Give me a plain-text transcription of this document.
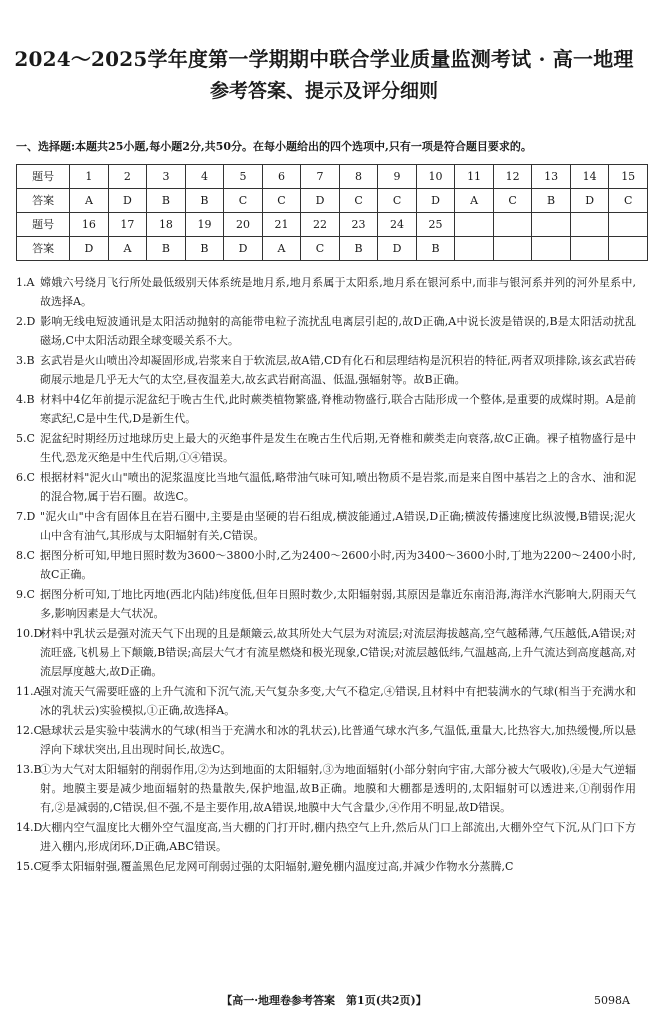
2024～2025学年度第一学期期中联合学业质量监测考试 · 高一地理
参考答案、提示及评分细则
一、选择题:本题共25小题,每小题2分,共50分。在每小题给出的四个选项中,只有一项是符合题目要求的。
题号	1	2	3	4	5	6	7	8	9	10	11	12	13	14	15
答案	A	D	B	B	C	C	D	C	C	D	A	C	B	D	C
题号	16	17	18	19	20	21	22	23	24	25					
答案	D	A	B	B	D	A	C	B	D	B					

1.A 嫦娥六号绕月飞行所处最低级别天体系统是地月系,地月系属于太阳系,地月系在银河系中,而非与银河系并列的河外星系中,故选择A。

2.D 影响无线电短波通讯是太阳活动抛射的高能带电粒子流扰乱电离层引起的,故D正确,A中说长波是错误的,B是太阳活动扰乱磁场,C中太阳活动跟全球变暖关系不大。

3.B 玄武岩是火山喷出冷却凝固形成,岩浆来自于软流层,故A错,CD有化石和层理结构是沉积岩的特征,两者双项排除,该玄武岩砖砌展示地是几乎无大气的太空,昼夜温差大,故玄武岩耐高温、低温,强辐射等。故B正确。

4.B 材料中4亿年前提示泥盆纪于晚古生代,此时蕨类植物繁盛,脊椎动物盛行,联合古陆形成一个整体,是重要的成煤时期。A是前寒武纪,C是中生代,D是新生代。

5.C 泥盆纪时期经历过地球历史上最大的灭绝事件是发生在晚古生代后期,无脊椎和蕨类走向衰落,故C正确。裸子植物盛行是中生代,恐龙灭绝是中生代后期,①④错误。

6.C 根据材料"泥火山"喷出的泥浆温度比当地气温低,略带油气味可知,喷出物质不是岩浆,而是来自图中基岩之上的含水、油和泥的混合物,属于岩石圈。故选C。

7.D "泥火山"中含有固体且在岩石圈中,主要是由坚硬的岩石组成,横波能通过,A错误,D正确;横波传播速度比纵波慢,B错误;泥火山中含有油气,其形成与太阳辐射有关,C错误。

8.C 据图分析可知,甲地日照时数为3600～3800小时,乙为2400～2600小时,丙为3400～3600小时,丁地为2200～2400小时,故C正确。

9.C 据图分析可知,丁地比丙地(西北内陆)纬度低,但年日照时数少,太阳辐射弱,其原因是靠近东南沿海,海洋水汽影响大,阴雨天气多,影响因素是大气状况。

10.D材料中乳状云是强对流天气下出现的且是颠簸云,故其所处大气层为对流层;对流层海拔越高,空气越稀薄,气压越低,A错误;对流旺盛,飞机易上下颠簸,B错误;高层大气才有流星燃烧和极光现象,C错误;对流层越低纬,气温越高,上升气流达到高度越高,对流层厚度越大,故D正确。

11.A强对流天气需要旺盛的上升气流和下沉气流,天气复杂多变,大气不稳定,④错误,且材料中有把装满水的气球(相当于充满水和冰的乳状云)实验模拟,①正确,故选择A。

12.C悬球状云是实验中装满水的气球(相当于充满水和冰的乳状云),比普通气球水汽多,气温低,重量大,比热容大,加热缓慢,所以悬浮向下球状突出,且出现时间长,故选C。

13.B①为大气对太阳辐射的削弱作用,②为达到地面的太阳辐射,③为地面辐射(小部分射向宇宙,大部分被大气吸收),④是大气逆辐射。地膜主要是减少地面辐射的热量散失,保护地温,故B正确。地膜和大棚都是透明的,太阳辐射可以透进来,①削弱作用有,②是减弱的,C错误,但不强,不是主要作用,故A错误,地膜中大气含量少,④作用不明显,故D错误。

14.D大棚内空气温度比大棚外空气温度高,当大棚的门打开时,棚内热空气上升,然后从门口上部流出,大棚外空气下沉,从门口下方进入棚内,形成闭环,D正确,ABC错误。

15.C夏季太阳辐射强,覆盖黑色尼龙网可削弱过强的太阳辐射,避免棚内温度过高,并减少作物水分蒸腾,C

【高一·地理卷参考答案　第1页(共2页)】	5098A
